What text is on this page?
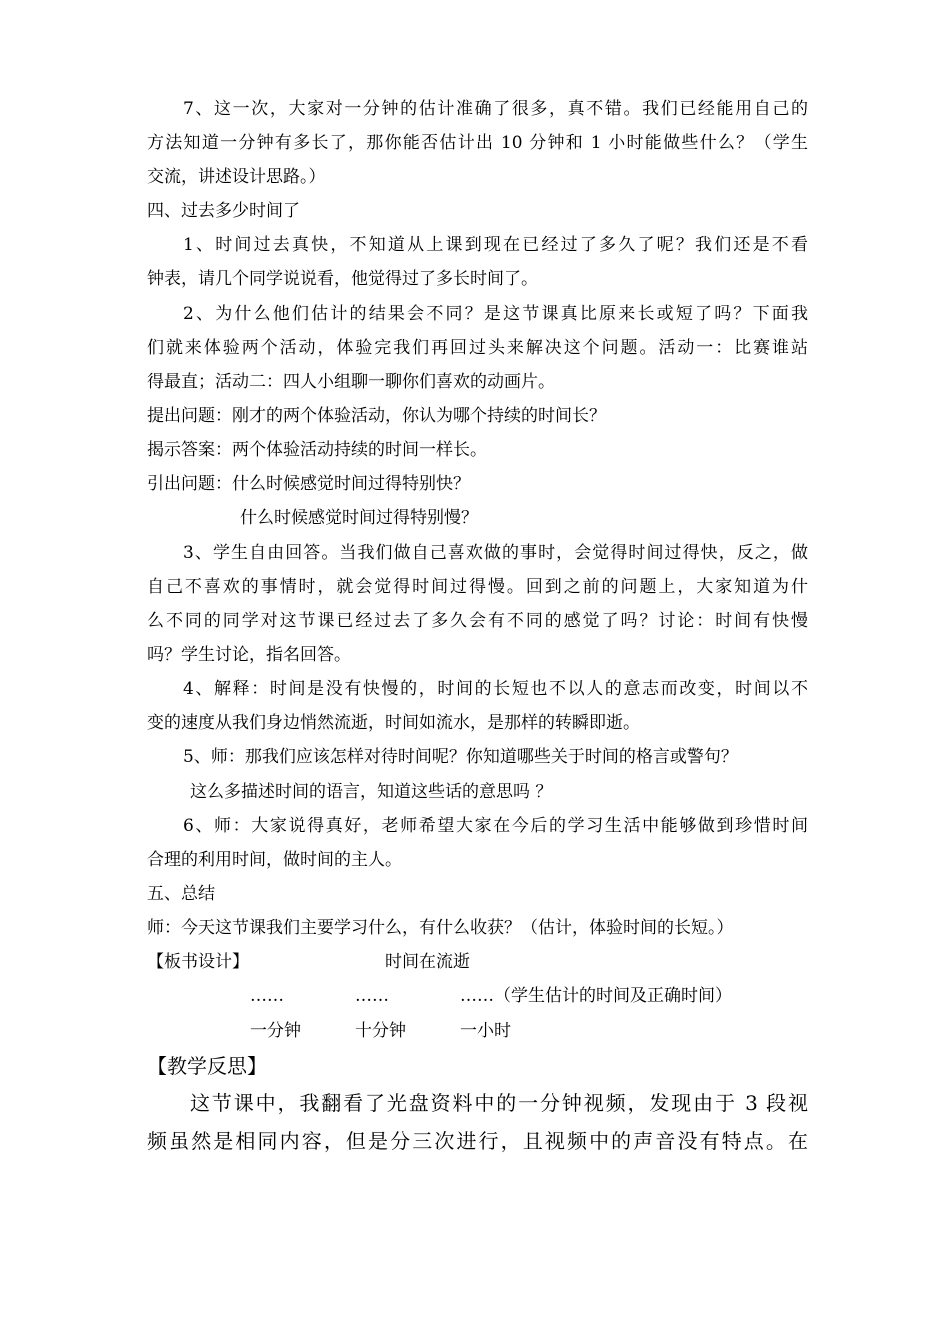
7、这一次，大家对一分钟的估计准确了很多，真不错。我们已经能用自己的
方法知道一分钟有多长了，那你能否估计出 10 分钟和 1 小时能做些什么？（学生
交流，讲述设计思路。）
四、过去多少时间了
1、时间过去真快，不知道从上课到现在已经过了多久了呢？我们还是不看
钟表，请几个同学说说看，他觉得过了多长时间了。
2、为什么他们估计的结果会不同？是这节课真比原来长或短了吗？下面我
们就来体验两个活动，体验完我们再回过头来解决这个问题。活动一：比赛谁站
得最直；活动二：四人小组聊一聊你们喜欢的动画片。
提出问题：刚才的两个体验活动，你认为哪个持续的时间长？
揭示答案：两个体验活动持续的时间一样长。
引出问题：什么时候感觉时间过得特别快？
什么时候感觉时间过得特别慢？
3、学生自由回答。当我们做自己喜欢做的事时，会觉得时间过得快，反之，做
自己不喜欢的事情时，就会觉得时间过得慢。回到之前的问题上，大家知道为什
么不同的同学对这节课已经过去了多久会有不同的感觉了吗？讨论：时间有快慢
吗？学生讨论，指名回答。
4、解释：时间是没有快慢的，时间的长短也不以人的意志而改变，时间以不
变的速度从我们身边悄然流逝，时间如流水，是那样的转瞬即逝。
5、师：那我们应该怎样对待时间呢？你知道哪些关于时间的格言或警句？
这么多描述时间的语言，知道这些话的意思吗 ？
6、师：大家说得真好，老师希望大家在今后的学习生活中能够做到珍惜时间
合理的利用时间，做时间的主人。
五、总结
师：今天这节课我们主要学习什么，有什么收获？（估计，体验时间的长短。）
【板书设计】	时间在流逝
……	……	……（学生估计的时间及正确时间）
一分钟	十分钟	一小时
【教学反思】
这节课中，我翻看了光盘资料中的一分钟视频，发现由于 3 段视
频虽然是相同内容，但是分三次进行，且视频中的声音没有特点。在
